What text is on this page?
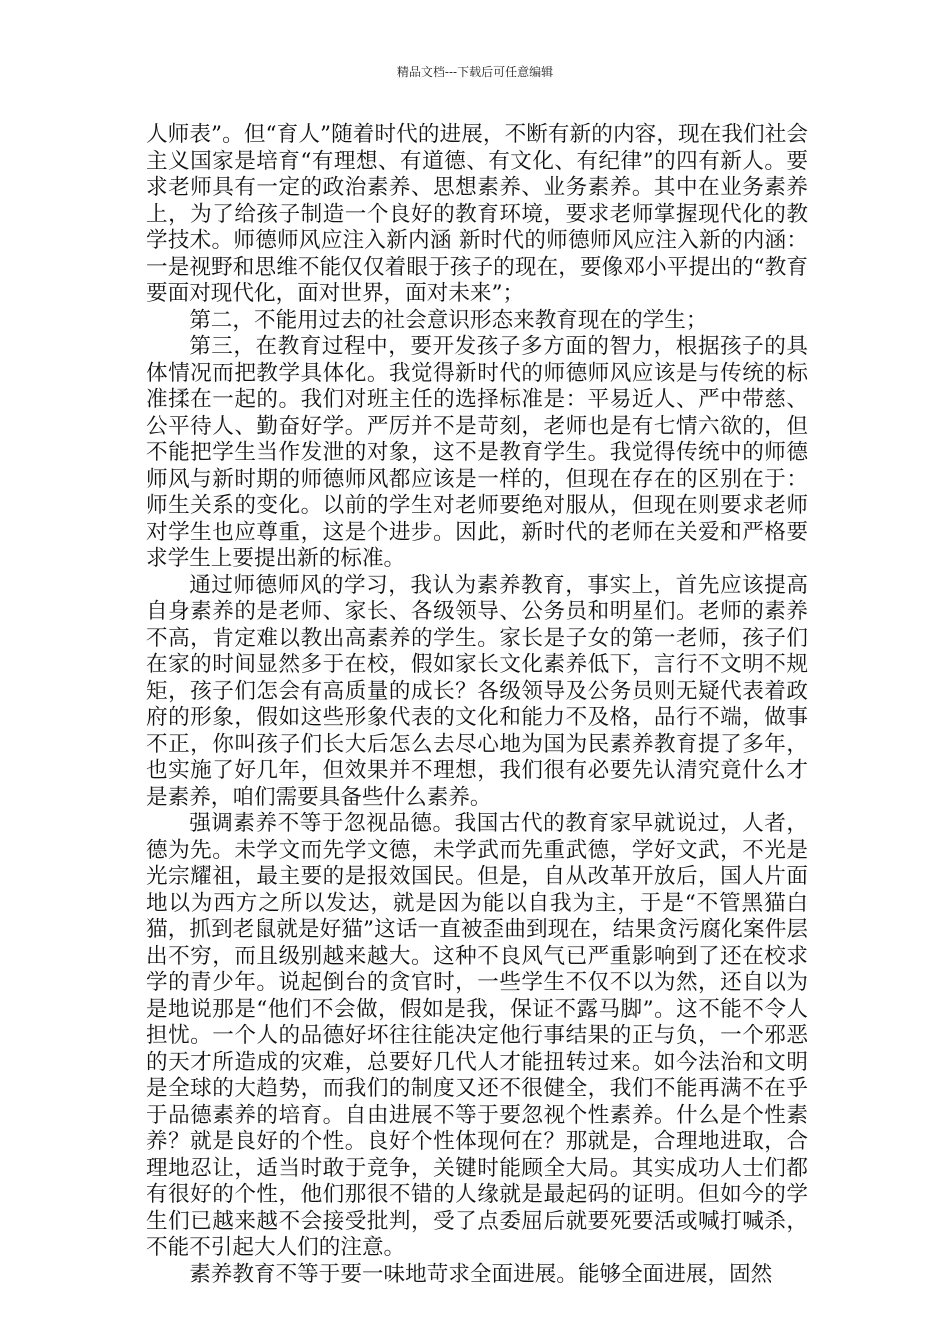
精品文档---下载后可任意编辑

人师表”。但“育人”随着时代的进展，不断有新的内容，现在我们社会主义国家是培育“有理想、有道德、有文化、有纪律”的四有新人。要求老师具有一定的政治素养、思想素养、业务素养。其中在业务素养上，为了给孩子制造一个良好的教育环境，要求老师掌握现代化的教学技术。师德师风应注入新内涵 新时代的师德师风应注入新的内涵：一是视野和思维不能仅仅着眼于孩子的现在，要像邓小平提出的“教育要面对现代化，面对世界，面对未来”；

第二，不能用过去的社会意识形态来教育现在的学生；

第三，在教育过程中，要开发孩子多方面的智力，根据孩子的具体情况而把教学具体化。我觉得新时代的师德师风应该是与传统的标准揉在一起的。我们对班主任的选择标准是：平易近人、严中带慈、公平待人、勤奋好学。严厉并不是苛刻，老师也是有七情六欲的，但不能把学生当作发泄的对象，这不是教育学生。我觉得传统中的师德师风与新时期的师德师风都应该是一样的，但现在存在的区别在于：师生关系的变化。以前的学生对老师要绝对服从，但现在则要求老师对学生也应尊重，这是个进步。因此，新时代的老师在关爱和严格要求学生上要提出新的标准。

通过师德师风的学习，我认为素养教育，事实上，首先应该提高自身素养的是老师、家长、各级领导、公务员和明星们。老师的素养不高，肯定难以教出高素养的学生。家长是子女的第一老师，孩子们在家的时间显然多于在校，假如家长文化素养低下，言行不文明不规矩，孩子们怎会有高质量的成长？各级领导及公务员则无疑代表着政府的形象，假如这些形象代表的文化和能力不及格，品行不端，做事不正，你叫孩子们长大后怎么去尽心地为国为民素养教育提了多年，也实施了好几年，但效果并不理想，我们很有必要先认清究竟什么才是素养，咱们需要具备些什么素养。

强调素养不等于忽视品德。我国古代的教育家早就说过，人者，德为先。未学文而先学文德，未学武而先重武德，学好文武，不光是光宗耀祖，最主要的是报效国民。但是，自从改革开放后，国人片面地以为西方之所以发达，就是因为能以自我为主，于是“不管黑猫白猫，抓到老鼠就是好猫”这话一直被歪曲到现在，结果贪污腐化案件层出不穷，而且级别越来越大。这种不良风气已严重影响到了还在校求学的青少年。说起倒台的贪官时，一些学生不仅不以为然，还自以为是地说那是“他们不会做，假如是我，保证不露马脚”。这不能不令人担忧。一个人的品德好坏往往能决定他行事结果的正与负，一个邪恶的天才所造成的灾难，总要好几代人才能扭转过来。如今法治和文明是全球的大趋势，而我们的制度又还不很健全，我们不能再满不在乎于品德素养的培育。自由进展不等于要忽视个性素养。什么是个性素养？就是良好的个性。良好个性体现何在？那就是，合理地进取，合理地忍让，适当时敢于竞争，关键时能顾全大局。其实成功人士们都有很好的个性，他们那很不错的人缘就是最起码的证明。但如今的学生们已越来越不会接受批判，受了点委屈后就要死要活或喊打喊杀，不能不引起大人们的注意。

素养教育不等于要一味地苛求全面进展。能够全面进展，固然
